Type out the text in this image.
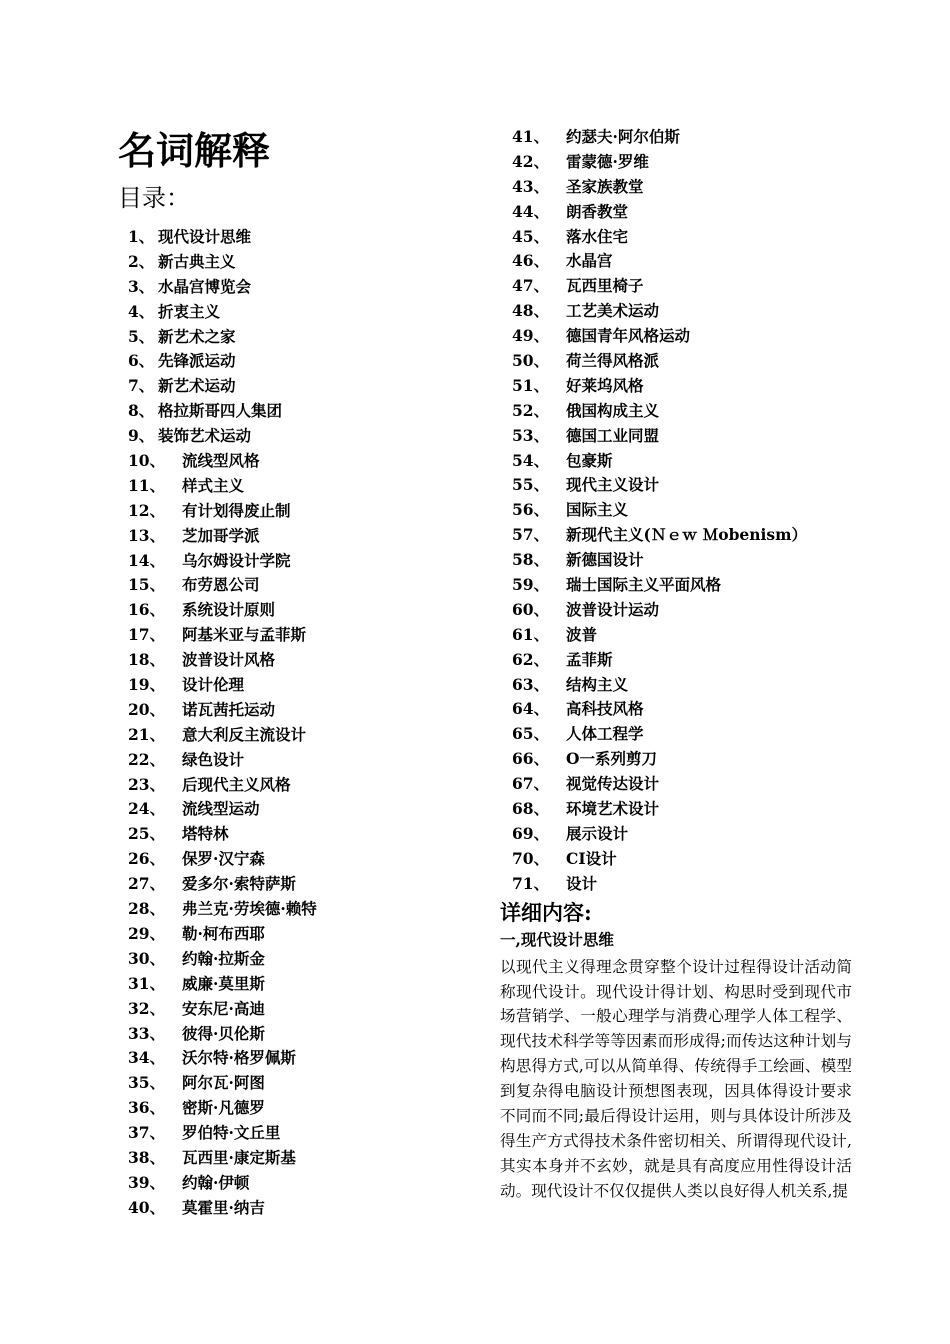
名词解释
目录：
1、 现代设计思维
2、 新古典主义
3、 水晶宫博览会
4、 折衷主义
5、 新艺术之家
6、 先锋派运动
7、 新艺术运动
8、 格拉斯哥四人集团
9、 装饰艺术运动
10、	流线型风格
11、	样式主义
12、	有计划得废止制
13、	芝加哥学派
14、	乌尔姆设计学院
15、	布劳恩公司
16、	系统设计原则
17、	阿基米亚与孟菲斯
18、	波普设计风格
19、	设计伦理
20、	诺瓦茜托运动
21、	意大利反主流设计
22、	绿色设计
23、	后现代主义风格
24、	流线型运动
25、	塔特林
26、	保罗·汉宁森
27、	爱多尔·索特萨斯
28、	弗兰克·劳埃德·赖特
29、	勒·柯布西耶
30、	约翰·拉斯金
31、	威廉·莫里斯
32、	安东尼·高迪
33、	彼得·贝伦斯
34、	沃尔特·格罗佩斯
35、	阿尔瓦·阿图
36、	密斯·凡德罗
37、	罗伯特·文丘里
38、	瓦西里·康定斯基
39、	约翰·伊顿
40、	莫霍里·纳吉
41、	约瑟夫·阿尔伯斯
42、	雷蒙德·罗维
43、	圣家族教堂
44、	朗香教堂
45、	落水住宅
46、	水晶宫
47、	瓦西里椅子
48、	工艺美术运动
49、	德国青年风格运动
50、	荷兰得风格派
51、	好莱坞风格
52、	俄国构成主义
53、	德国工业同盟
54、	包豪斯
55、	现代主义设计
56、	国际主义
57、	新现代主义(Ｎｅｗ Ｍobenism）
58、	新德国设计
59、	瑞士国际主义平面风格
60、	波普设计运动
61、	波普
62、	孟菲斯
63、	结构主义
64、	高科技风格
65、	人体工程学
66、	O一系列剪刀
67、	视觉传达设计
68、	环境艺术设计
69、	展示设计
70、	CI设计
71、	设计
详细内容:
一,现代设计思维

以现代主义得理念贯穿整个设计过程得设计活动简称现代设计。现代设计得计划、构思时受到现代市场营销学、一般心理学与消费心理学人体工程学、现代技术科学等等因素而形成得;而传达这种计划与构思得方式,可以从简单得、传统得手工绘画、模型到复杂得电脑设计预想图表现，因具体得设计要求不同而不同;最后得设计运用，则与具体设计所涉及得生产方式得技术条件密切相关、所谓得现代设计,其实本身并不玄妙，就是具有高度应用性得设计活动。现代设计不仅仅提供人类以良好得人机关系,提
